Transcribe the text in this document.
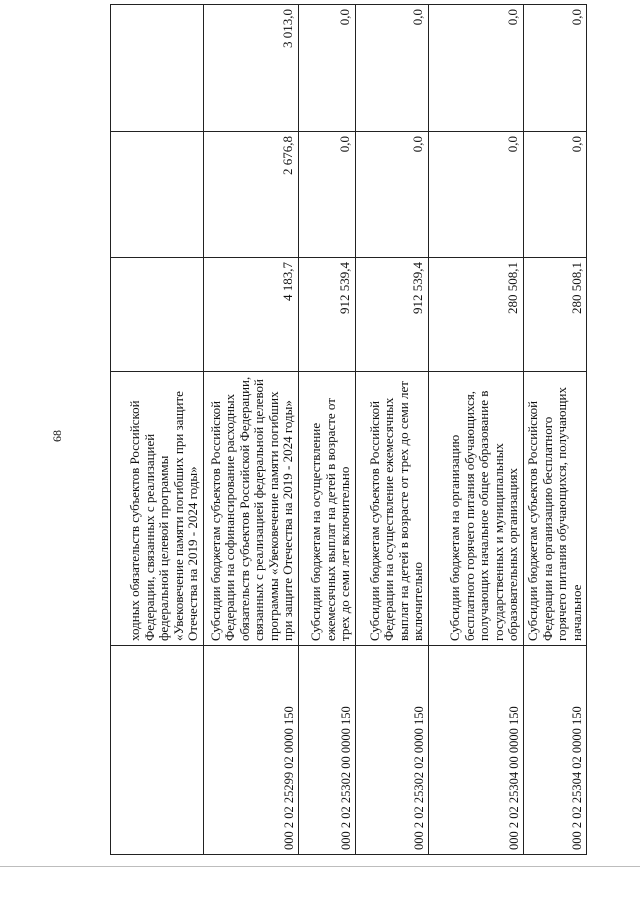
68
		ходных обязательств субъектов Российской Федерации, связанных с реализацией федеральной целевой программы «Увековечение памяти погибших при защите Отечества на 2019 - 2024 годы»			
000 2 02 25299 02 0000 150	Субсидии бюджетам субъектов Российской Федерации на софинансирование расходных обязательств субъектов Российской Федерации, связанных с реализацией федеральной целевой программы «Увековечение памяти погибших при защите Отечества на 2019 - 2024 годы»	4 183,7	2 676,8	3 013,0
000 2 02 25302 00 0000 150	Субсидии бюджетам на осуществление ежемесячных выплат на детей в возрасте от трех до семи лет включительно	912 539,4	0,0	0,0
000 2 02 25302 02 0000 150	Субсидии бюджетам субъектов Российской Федерации на осуществление ежемесячных выплат на детей в возрасте от трех до семи лет включительно	912 539,4	0,0	0,0
000 2 02 25304 00 0000 150	Субсидии бюджетам на организацию бесплатного горячего питания обучающихся, получающих начальное общее образование в государственных и муниципальных образовательных организациях	280 508,1	0,0	0,0
000 2 02 25304 02 0000 150	Субсидии бюджетам субъектов Российской Федерации на организацию бесплатного горячего питания обучающихся, получающих начальное	280 508,1	0,0	0,0
